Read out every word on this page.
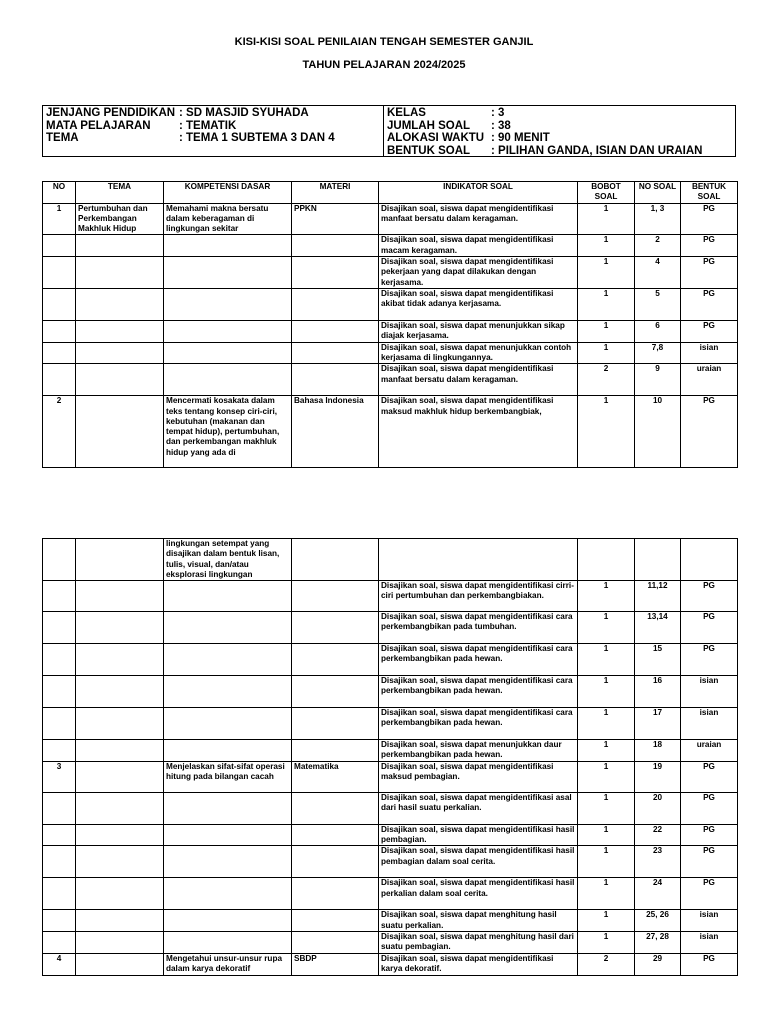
KISI-KISI SOAL PENILAIAN TENGAH SEMESTER GANJIL
TAHUN PELAJARAN 2024/2025
JENJANG PENDIDIKAN : SD MASJID SYUHADA
MATA PELAJARAN	: TEMATIK
TEMA	: TEMA 1 SUBTEMA 3 DAN 4
KELAS	: 3
JUMLAH SOAL	: 38
ALOKASI WAKTU : 90 MENIT
BENTUK SOAL	: PILIHAN GANDA, ISIAN DAN URAIAN
NO	TEMA	KOMPETENSI DASAR	MATERI	INDIKATOR SOAL	BOBOT SOAL	NO SOAL	BENTUK SOAL
1	Pertumbuhan dan Perkembangan Makhluk Hidup	Memahami makna bersatu dalam keberagaman di lingkungan sekitar	PPKN	Disajikan soal, siswa dapat mengidentifikasi manfaat bersatu dalam keragaman.	1	1, 3	PG
				Disajikan soal, siswa dapat mengidentifikasi macam keragaman.	1	2	PG
				Disajikan soal, siswa dapat mengidentifikasi pekerjaan yang dapat dilakukan dengan kerjasama.	1	4	PG
				Disajikan soal, siswa dapat mengidentifikasi akibat tidak adanya kerjasama.	1	5	PG
				Disajikan soal, siswa dapat menunjukkan sikap diajak kerjasama.	1	6	PG
				Disajikan soal, siswa dapat menunjukkan contoh kerjasama di lingkungannya.	1	7,8	isian
				Disajikan soal, siswa dapat mengidentifikasi manfaat bersatu dalam keragaman.	2	9	uraian
2		Mencermati kosakata dalam teks tentang konsep ciri-ciri, kebutuhan (makanan dan tempat hidup), pertumbuhan, dan perkembangan makhluk hidup yang ada di	Bahasa Indonesia	Disajikan soal, siswa dapat mengidentifikasi maksud makhluk hidup berkembangbiak,	1	10	PG
		lingkungan setempat yang disajikan dalam bentuk lisan, tulis, visual, dan/atau eksplorasi lingkungan					
				Disajikan soal, siswa dapat mengidentifikasi cirri-ciri pertumbuhan dan perkembangbiakan.	1	11,12	PG
				Disajikan soal, siswa dapat mengidentifikasi cara perkembangbikan pada tumbuhan.	1	13,14	PG
				Disajikan soal, siswa dapat mengidentifikasi cara perkembangbikan pada hewan.	1	15	PG
				Disajikan soal, siswa dapat mengidentifikasi cara perkembangbikan pada hewan.	1	16	isian
				Disajikan soal, siswa dapat mengidentifikasi cara perkembangbikan pada hewan.	1	17	isian
				Disajikan soal, siswa dapat menunjukkan daur perkembangbikan pada hewan.	1	18	uraian
3		Menjelaskan sifat-sifat operasi hitung pada bilangan cacah	Matematika	Disajikan soal, siswa dapat mengidentifikasi maksud pembagian.	1	19	PG
				Disajikan soal, siswa dapat mengidentifikasi asal dari hasil suatu perkalian.	1	20	PG
				Disajikan soal, siswa dapat mengidentifikasi hasil pembagian.	1	22	PG
				Disajikan soal, siswa dapat mengidentifikasi hasil pembagian dalam soal cerita.	1	23	PG
				Disajikan soal, siswa dapat mengidentifikasi hasil perkalian dalam soal cerita.	1	24	PG
				Disajikan soal, siswa dapat menghitung hasil suatu perkalian.	1	25, 26	isian
				Disajikan soal, siswa dapat menghitung hasil dari suatu pembagian.	1	27, 28	isian
4		Mengetahui unsur-unsur rupa dalam karya dekoratif	SBDP	Disajikan soal, siswa dapat mengidentifikasi karya dekoratif.	2	29	PG
